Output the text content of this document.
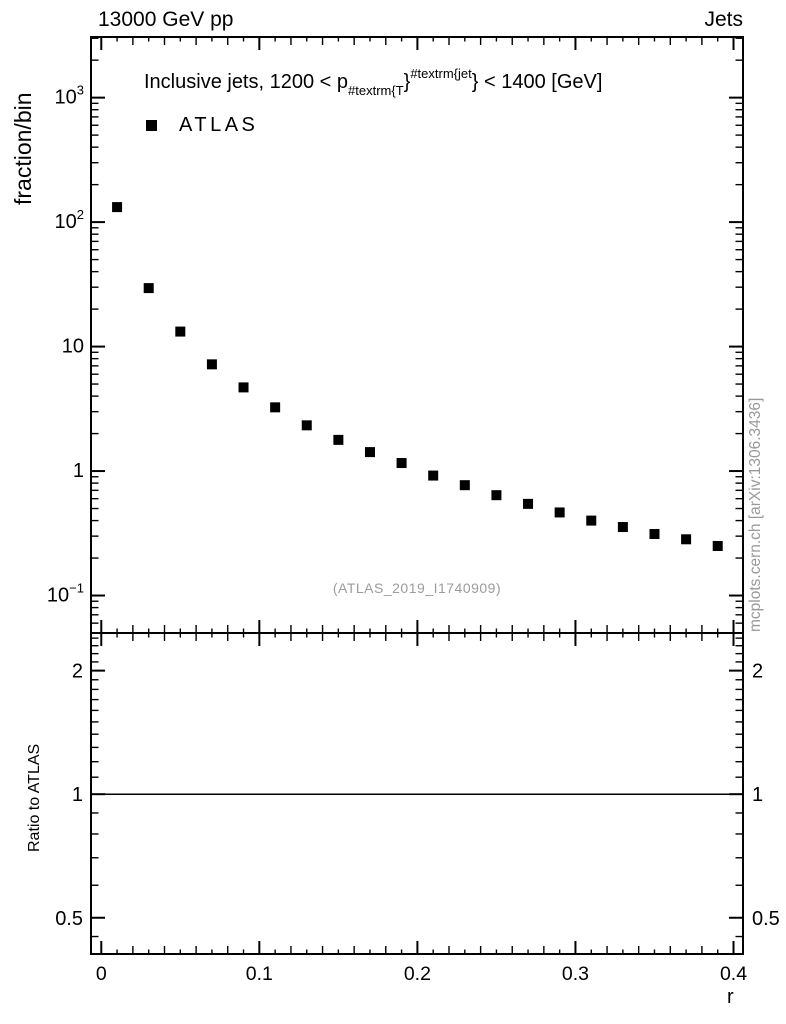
13000 GeV pp	Jets
$10^3$
$10^2$
10
1
$10^{-1}$
2	2
1	1
0.5	0.5
0	0.1	0.2	0.3	0.4
Inclusive jets, $1200 < p_{\#textrm\{T}\}^{\#textrm\{jet}\} < 1400$ [GeV]
ATLAS
(ATLAS_2019_I1740909)
fraction/bin
Ratio to ATLAS
mcplots.cern.ch [arXiv:1306.3436]
r
